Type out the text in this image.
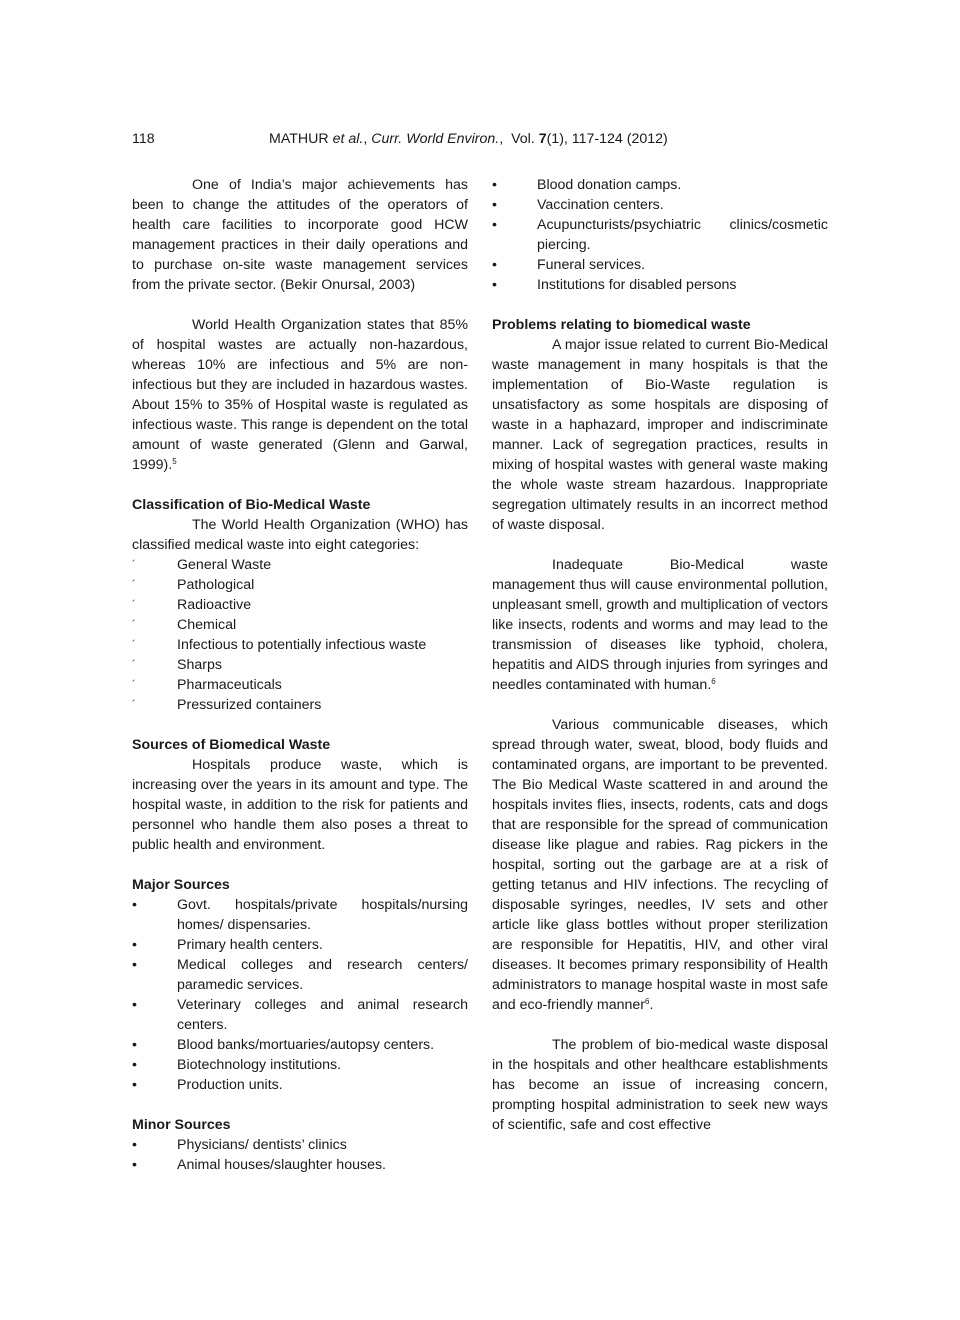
118	MATHUR et al., Curr. World Environ.,  Vol. 7(1), 117-124 (2012)

One of India’s major achievements has been to change the attitudes of the operators of health care facilities to incorporate good HCW management practices in their daily operations and to purchase on-site waste management services from the private sector. (Bekir Onursal, 2003)

World Health Organization states that 85% of hospital wastes are actually non-hazardous, whereas 10% are infectious and 5% are non-infectious but they are included in hazardous wastes. About 15% to 35% of Hospital waste is regulated as infectious waste. This range is dependent on the total amount of waste generated (Glenn and Garwal, 1999).$^5$

Classification of Bio-Medical Waste

The World Health Organization (WHO) has classified medical waste into eight categories:

´	General Waste
´	Pathological
´	Radioactive
´	Chemical
´	Infectious to potentially infectious waste
´	Sharps
´	Pharmaceuticals
´	Pressurized containers
Sources of Biomedical Waste

Hospitals produce waste, which is increasing over the years in its amount and type. The hospital waste, in addition to the risk for patients and personnel who handle them also poses a threat to public health and environment.

Major Sources
•	Govt. hospitals/private hospitals/nursing homes/ dispensaries.
•	Primary health centers.
•	Medical colleges and research centers/ paramedic services.
•	Veterinary colleges and animal research centers.
•	Blood banks/mortuaries/autopsy centers.
•	Biotechnology institutions.
•	Production units.
Minor Sources
•	Physicians/ dentists’ clinics
•	Animal houses/slaughter houses.
•	Blood donation camps.
•	Vaccination centers.
•	Acupuncturists/psychiatric clinics/cosmetic piercing.
•	Funeral services.
•	Institutions for disabled persons
Problems relating to biomedical waste

A major issue related to current Bio-Medical waste management in many hospitals is that the implementation of Bio-Waste regulation is unsatisfactory as some hospitals are disposing of waste in a haphazard, improper and indiscriminate manner. Lack of segregation practices, results in mixing of hospital wastes with general waste making the whole waste stream hazardous. Inappropriate segregation ultimately results in an incorrect method of waste disposal.

Inadequate Bio-Medical waste management thus will cause environmental pollution, unpleasant smell, growth and multiplication of vectors like insects, rodents and worms and may lead to the transmission of diseases like typhoid, cholera, hepatitis and AIDS through injuries from syringes and needles contaminated with human.$^6$

Various communicable diseases, which spread through water, sweat, blood, body fluids and contaminated organs, are important to be prevented. The Bio Medical Waste scattered in and around the hospitals invites flies, insects, rodents, cats and dogs that are responsible for the spread of communication disease like plague and rabies. Rag pickers in the hospital, sorting out the garbage are at a risk of getting tetanus and HIV infections. The recycling of disposable syringes, needles, IV sets and other article like glass bottles without proper sterilization are responsible for Hepatitis, HIV, and other viral diseases. It becomes primary responsibility of Health administrators to manage hospital waste in most safe and eco-friendly manner$^6$.

The problem of bio-medical waste disposal in the hospitals and other healthcare establishments has become an issue of increasing concern, prompting hospital administration to seek new ways of scientific, safe and cost effective
